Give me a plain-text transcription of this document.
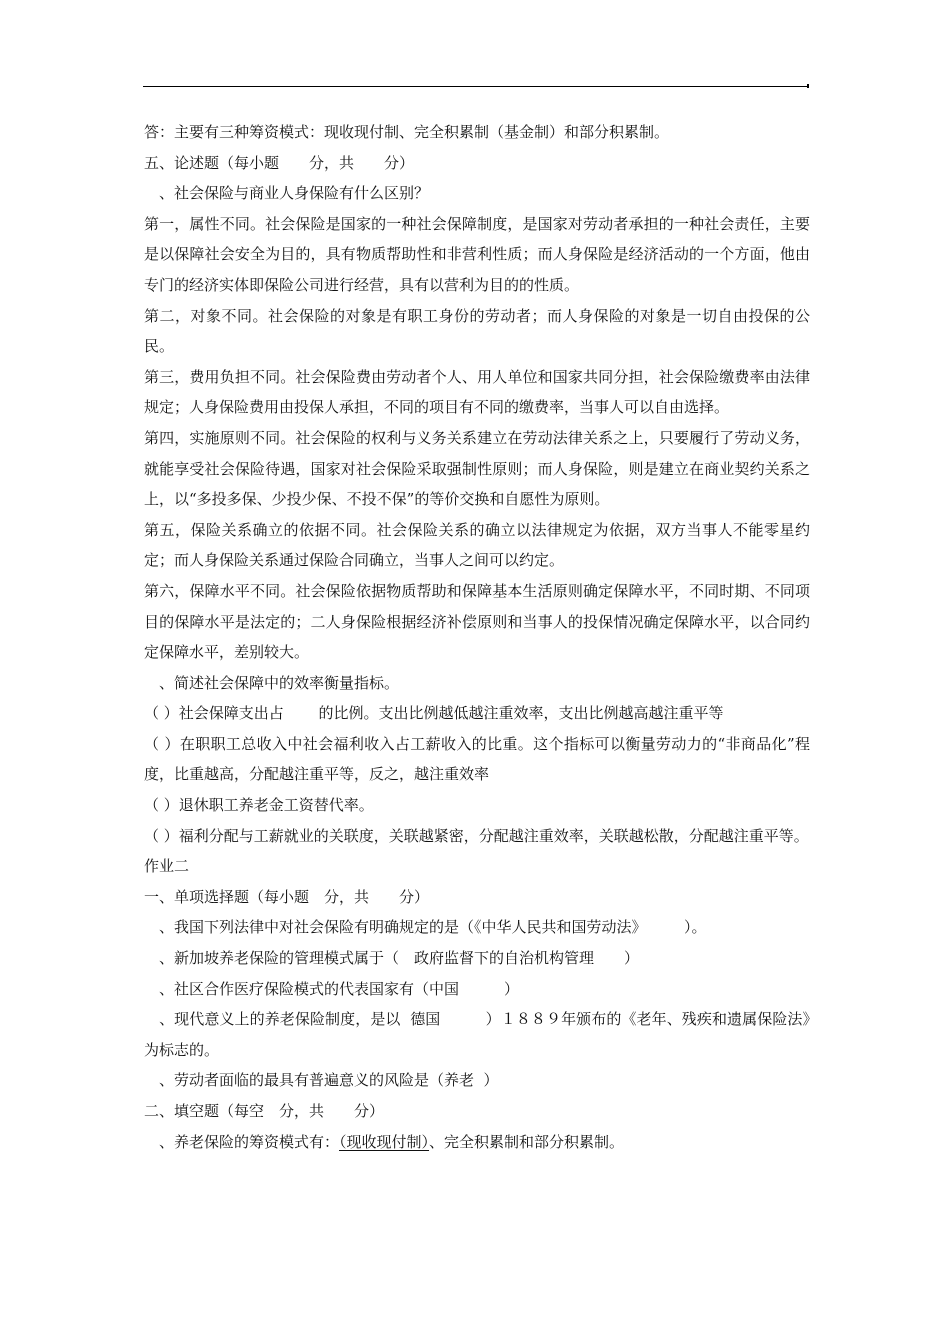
答：主要有三种筹资模式：现收现付制、完全积累制（基金制）和部分积累制。

五、论述题（每小题　　分，共　　分）

　、社会保险与商业人身保险有什么区别？

第一，属性不同。社会保险是国家的一种社会保障制度，是国家对劳动者承担的一种社会责任，主要是以保障社会安全为目的，具有物质帮助性和非营利性质；而人身保险是经济活动的一个方面，他由专门的经济实体即保险公司进行经营，具有以营利为目的的性质。

第二，对象不同。社会保险的对象是有职工身份的劳动者；而人身保险的对象是一切自由投保的公民。

第三，费用负担不同。社会保险费由劳动者个人、用人单位和国家共同分担，社会保险缴费率由法律规定；人身保险费用由投保人承担，不同的项目有不同的缴费率，当事人可以自由选择。

第四，实施原则不同。社会保险的权利与义务关系建立在劳动法律关系之上，只要履行了劳动义务，就能享受社会保险待遇，国家对社会保险采取强制性原则；而人身保险，则是建立在商业契约关系之上，以“多投多保、少投少保、不投不保”的等价交换和自愿性为原则。

第五，保险关系确立的依据不同。社会保险关系的确立以法律规定为依据，双方当事人不能零星约定；而人身保险关系通过保险合同确立，当事人之间可以约定。

第六，保障水平不同。社会保险依据物质帮助和保障基本生活原则确定保障水平，不同时期、不同项目的保障水平是法定的；二人身保险根据经济补偿原则和当事人的投保情况确定保障水平，以合同约定保障水平，差别较大。

　、简述社会保障中的效率衡量指标。

（ ）社会保障支出占　　 的比例。支出比例越低越注重效率，支出比例越高越注重平等

（ ）在职职工总收入中社会福利收入占工薪收入的比重。这个指标可以衡量劳动力的“非商品化”程度，比重越高，分配越注重平等，反之，越注重效率

（ ）退休职工养老金工资替代率。

（ ）福利分配与工薪就业的关联度，关联越紧密，分配越注重效率，关联越松散，分配越注重平等。

作业二

一、单项选择题（每小题　分，共　　分）

　、我国下列法律中对社会保险有明确规定的是（《中华人民共和国劳动法》　　　）。

　、新加坡养老保险的管理模式属于（　政府监督下的自治机构管理　　）

　、社区合作医疗保险模式的代表国家有（中国　　　）

　、现代意义上的养老保险制度，是以  德国　　　）１８８９年颁布的《老年、残疾和遗属保险法》为标志的。

　、劳动者面临的最具有普遍意义的风险是（养老  ）

二、填空题（每空　分，共　　分）

　、养老保险的筹资模式有：（现收现付制）、完全积累制和部分积累制。
